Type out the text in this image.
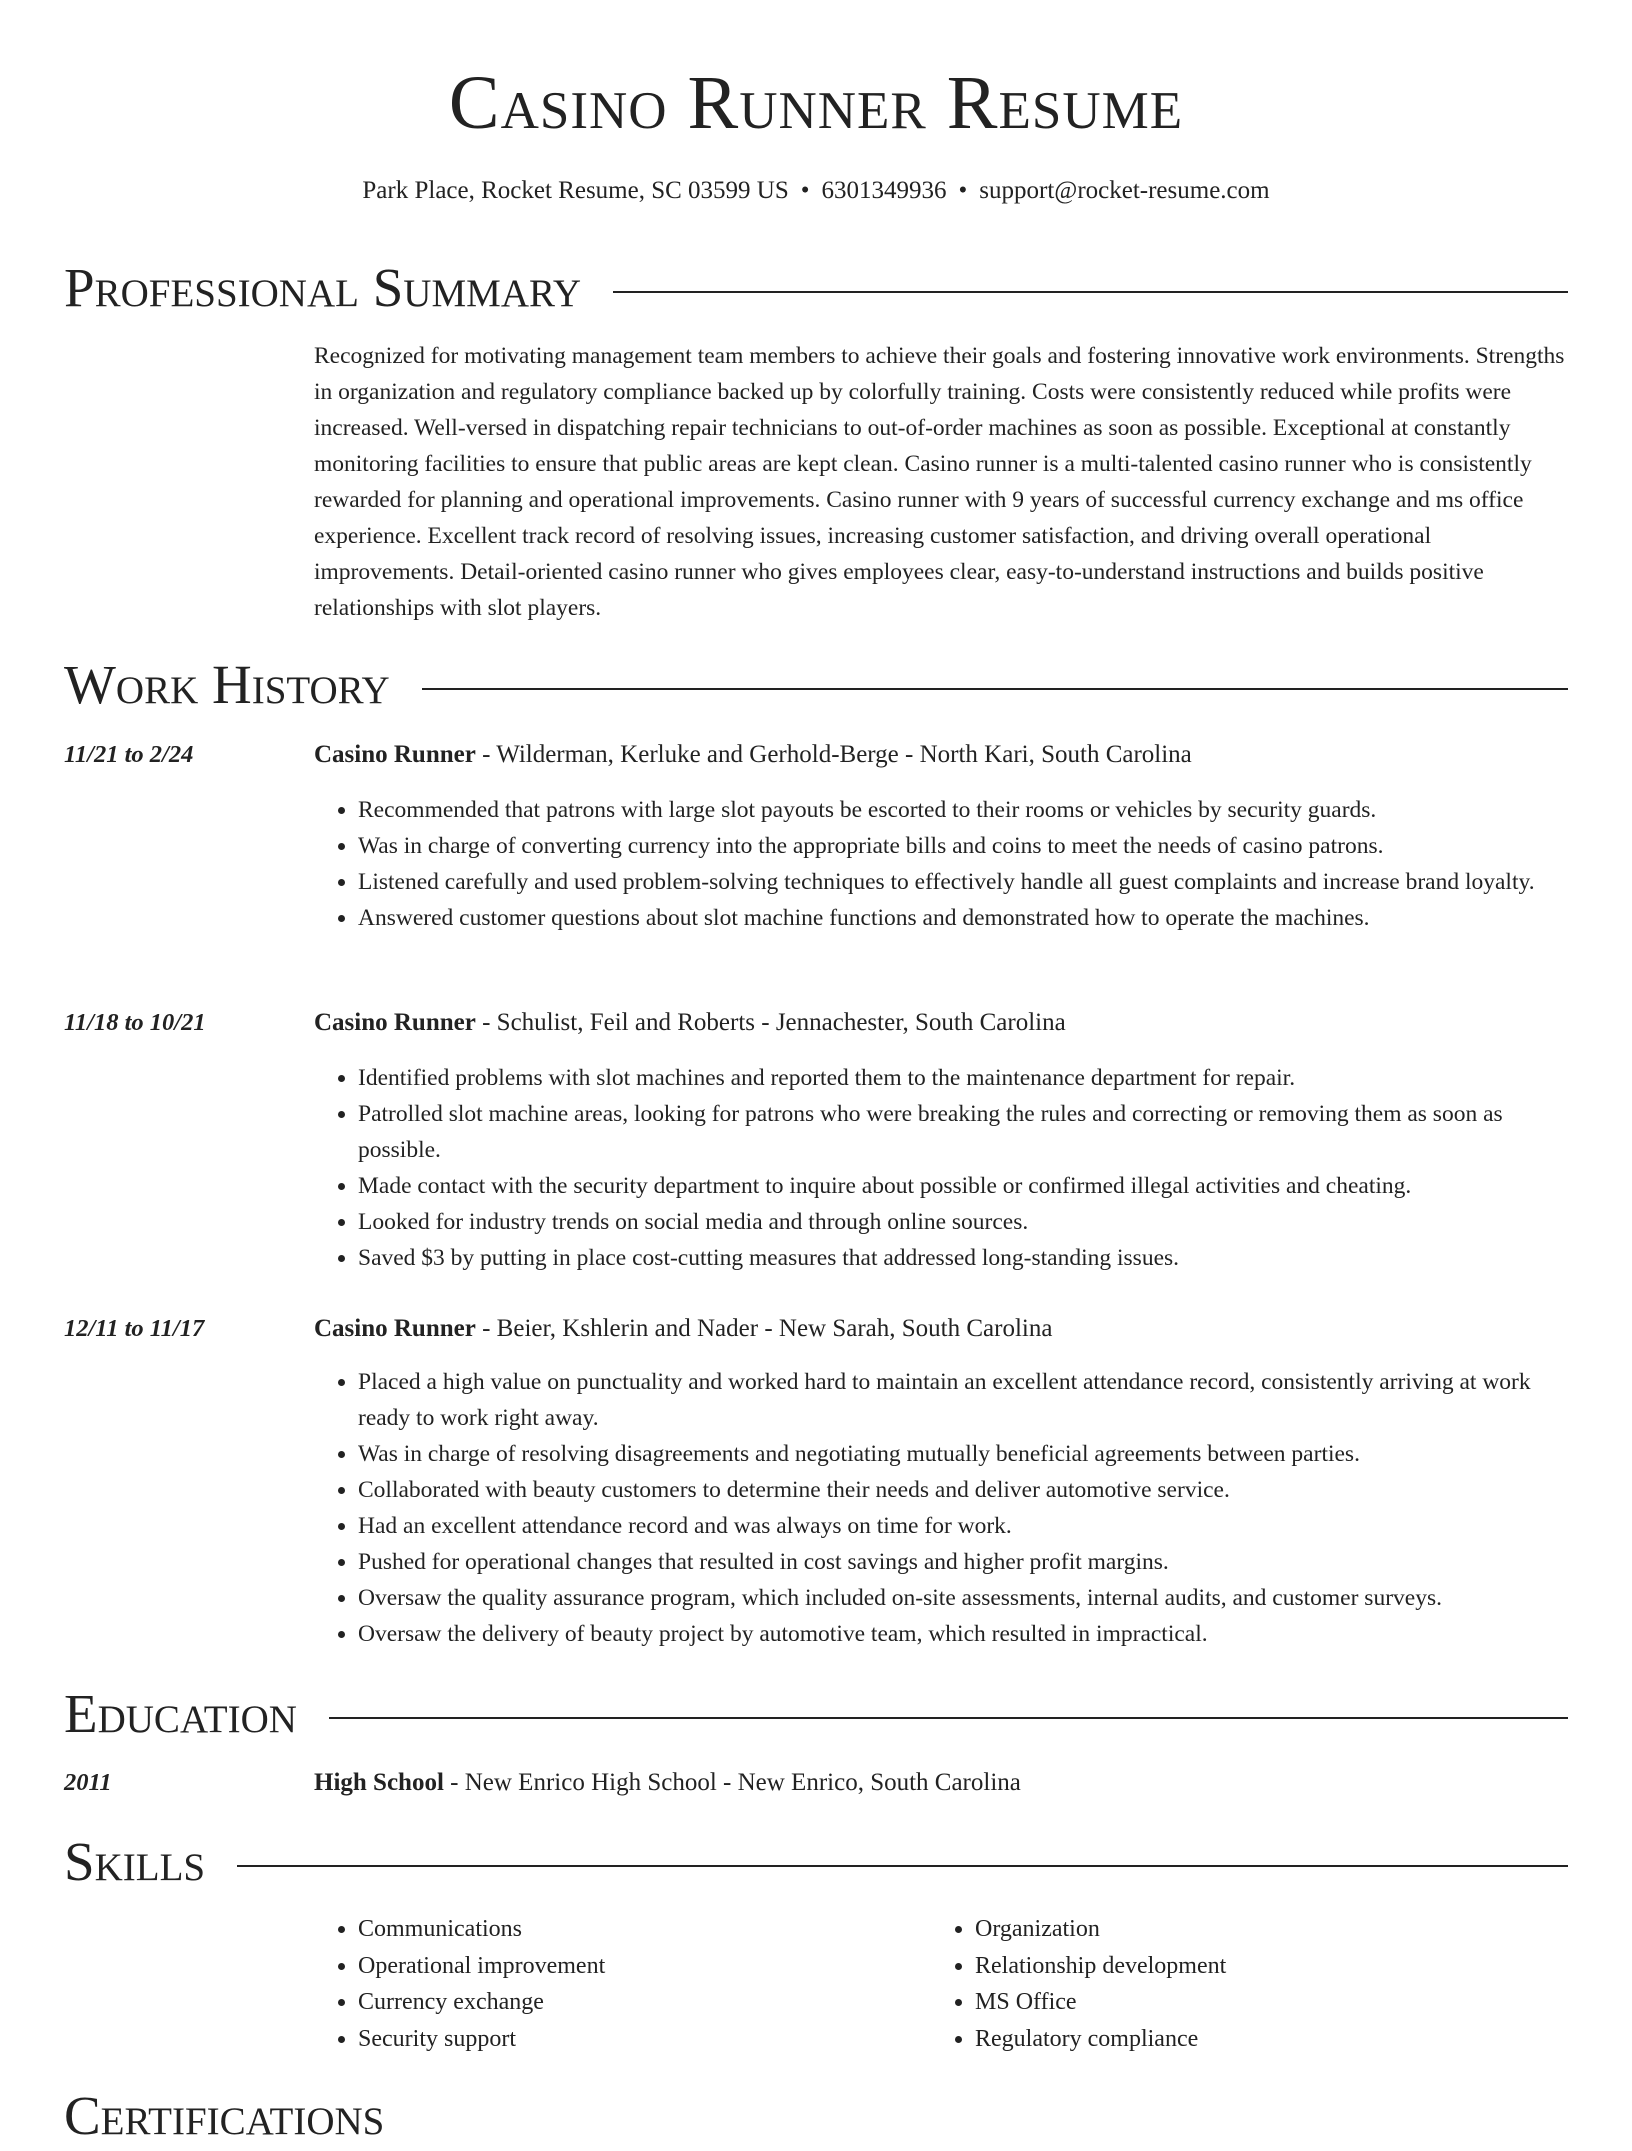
Casino Runner Resume
Park Place, Rocket Resume, SC 03599 US • 6301349936 • support@rocket-resume.com
Professional Summary
Recognized for motivating management team members to achieve their goals and fostering innovative work environments. Strengths in organization and regulatory compliance backed up by colorfully training. Costs were consistently reduced while profits were increased. Well-versed in dispatching repair technicians to out-of-order machines as soon as possible. Exceptional at constantly monitoring facilities to ensure that public areas are kept clean. Casino runner is a multi-talented casino runner who is consistently rewarded for planning and operational improvements. Casino runner with 9 years of successful currency exchange and ms office experience. Excellent track record of resolving issues, increasing customer satisfaction, and driving overall operational improvements. Detail-oriented casino runner who gives employees clear, easy-to-understand instructions and builds positive relationships with slot players.
Work History
11/21 to 2/24	Casino Runner - Wilderman, Kerluke and Gerhold-Berge - North Kari, South Carolina
• Recommended that patrons with large slot payouts be escorted to their rooms or vehicles by security guards.
• Was in charge of converting currency into the appropriate bills and coins to meet the needs of casino patrons.
• Listened carefully and used problem-solving techniques to effectively handle all guest complaints and increase brand loyalty.
• Answered customer questions about slot machine functions and demonstrated how to operate the machines.
11/18 to 10/21	Casino Runner - Schulist, Feil and Roberts - Jennachester, South Carolina
• Identified problems with slot machines and reported them to the maintenance department for repair.
• Patrolled slot machine areas, looking for patrons who were breaking the rules and correcting or removing them as soon as possible.
• Made contact with the security department to inquire about possible or confirmed illegal activities and cheating.
• Looked for industry trends on social media and through online sources.
• Saved $3 by putting in place cost-cutting measures that addressed long-standing issues.
12/11 to 11/17	Casino Runner - Beier, Kshlerin and Nader - New Sarah, South Carolina
• Placed a high value on punctuality and worked hard to maintain an excellent attendance record, consistently arriving at work ready to work right away.
• Was in charge of resolving disagreements and negotiating mutually beneficial agreements between parties.
• Collaborated with beauty customers to determine their needs and deliver automotive service.
• Had an excellent attendance record and was always on time for work.
• Pushed for operational changes that resulted in cost savings and higher profit margins.
• Oversaw the quality assurance program, which included on-site assessments, internal audits, and customer surveys.
• Oversaw the delivery of beauty project by automotive team, which resulted in impractical.
Education
2011	High School - New Enrico High School - New Enrico, South Carolina
Skills
• Communications
• Operational improvement
• Currency exchange
• Security support
• Organization
• Relationship development
• MS Office
• Regulatory compliance
Certifications
